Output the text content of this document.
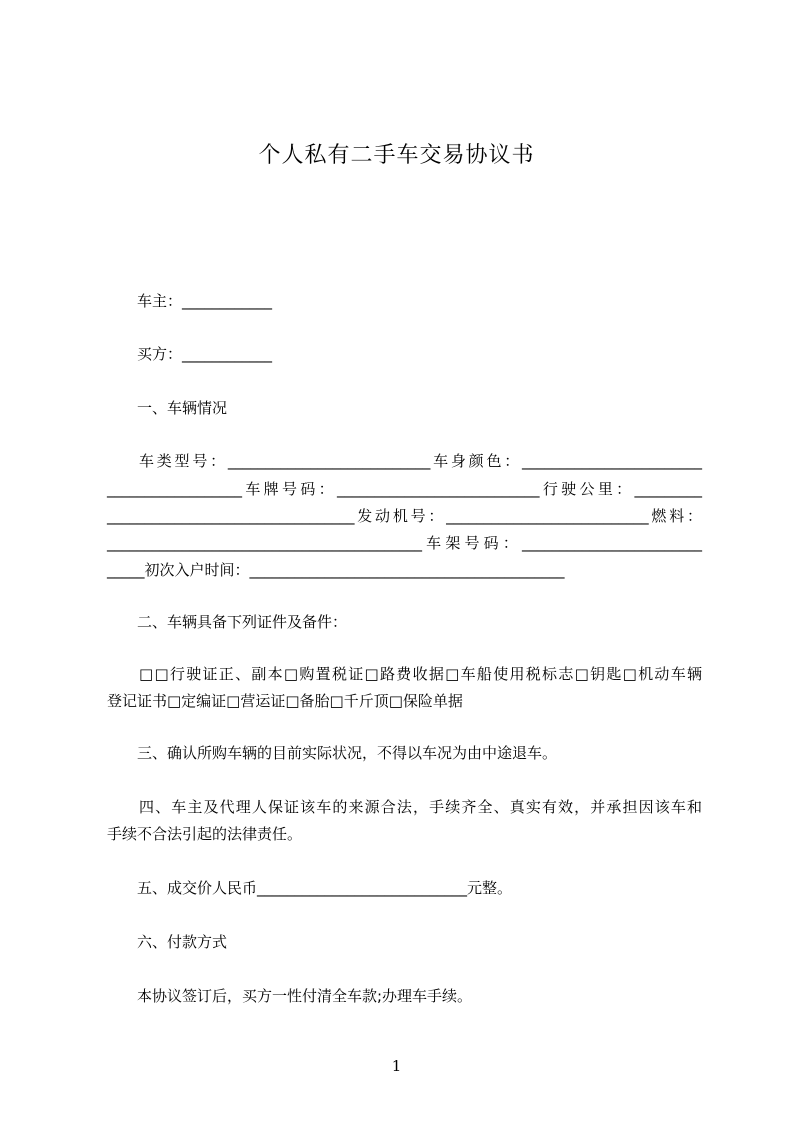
个人私有二手车交易协议书
车主：____________
买方：____________
一、车辆情况
车类型号：___________________________车身颜色：________________________
__________________车牌号码：___________________________行驶公里：_________
_________________________________发动机号：___________________________燃料：
__________________________________________车架号码：________________________
_____初次入户时间：__________________________________________
二、车辆具备下列证件及备件：
□□行驶证正、副本□购置税证□路费收据□车船使用税标志□钥匙□机动车辆
登记证书□定编证□营运证□备胎□千斤顶□保险单据
三、确认所购车辆的目前实际状况，不得以车况为由中途退车。
四、车主及代理人保证该车的来源合法，手续齐全、真实有效，并承担因该车和
手续不合法引起的法律责任。
五、成交价人民币____________________________元整。
六、付款方式
本协议签订后，买方一性付清全车款;办理车手续。
1
